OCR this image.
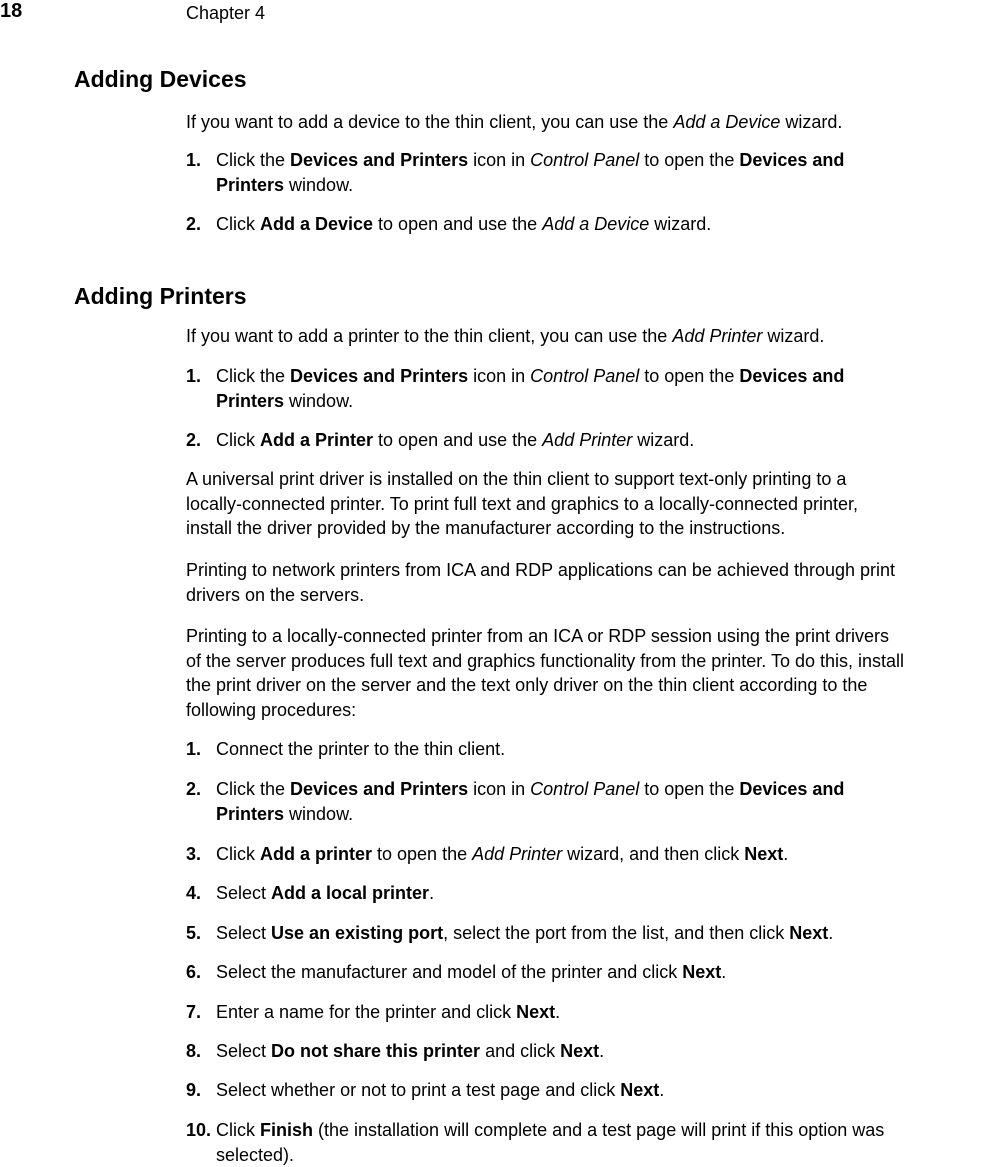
18	Chapter 4
Adding Devices
If you want to add a device to the thin client, you can use the Add a Device wizard.
1. Click the Devices and Printers icon in Control Panel to open the Devices and
Printers window.
2. Click Add a Device to open and use the Add a Device wizard.
Adding Printers
If you want to add a printer to the thin client, you can use the Add Printer wizard.
1. Click the Devices and Printers icon in Control Panel to open the Devices and
Printers window.
2. Click Add a Printer to open and use the Add Printer wizard.
A universal print driver is installed on the thin client to support text-only printing to a
locally-connected printer. To print full text and graphics to a locally-connected printer,
install the driver provided by the manufacturer according to the instructions.
Printing to network printers from ICA and RDP applications can be achieved through print
drivers on the servers.
Printing to a locally-connected printer from an ICA or RDP session using the print drivers
of the server produces full text and graphics functionality from the printer. To do this, install
the print driver on the server and the text only driver on the thin client according to the
following procedures:
1. Connect the printer to the thin client.
2. Click the Devices and Printers icon in Control Panel to open the Devices and
Printers window.
3. Click Add a printer to open the Add Printer wizard, and then click Next.
4. Select Add a local printer.
5. Select Use an existing port, select the port from the list, and then click Next.
6. Select the manufacturer and model of the printer and click Next.
7. Enter a name for the printer and click Next.
8. Select Do not share this printer and click Next.
9. Select whether or not to print a test page and click Next.
10. Click Finish (the installation will complete and a test page will print if this option was
selected).
